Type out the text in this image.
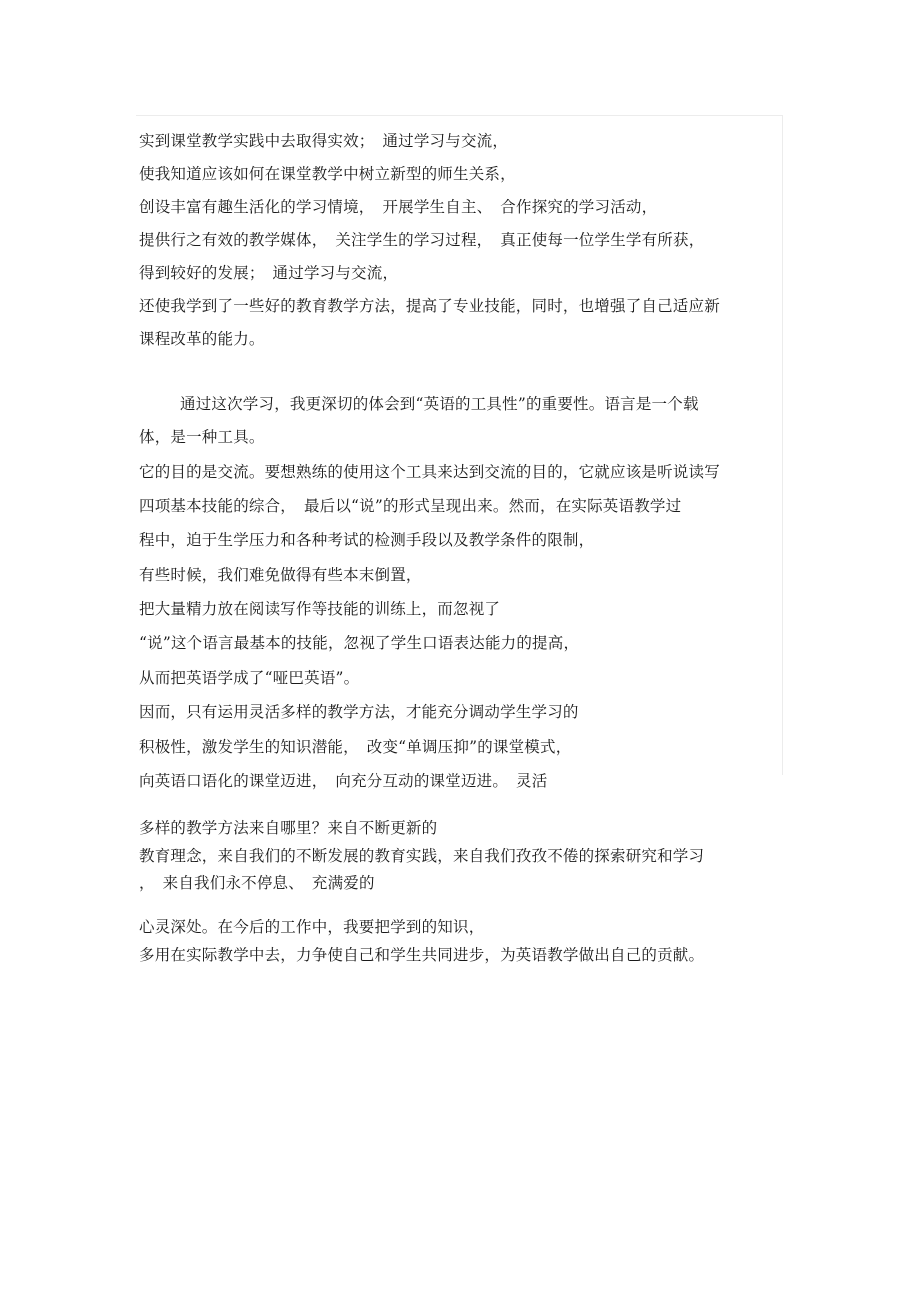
实到课堂教学实践中去取得实效；　通过学习与交流，
使我知道应该如何在课堂教学中树立新型的师生关系，
创设丰富有趣生活化的学习情境，　开展学生自主、　合作探究的学习活动，
提供行之有效的教学媒体，　关注学生的学习过程，　真正使每一位学生学有所获，
得到较好的发展；　通过学习与交流，
还使我学到了一些好的教育教学方法，提高了专业技能，同时，也增强了自己适应新
课程改革的能力。
通过这次学习，我更深切的体会到“英语的工具性”的重要性。语言是一个载
体，是一种工具。
它的目的是交流。要想熟练的使用这个工具来达到交流的目的，它就应该是听说读写
四项基本技能的综合，　最后以“说”的形式呈现出来。然而，在实际英语教学过
程中，迫于生学压力和各种考试的检测手段以及教学条件的限制，
有些时候，我们难免做得有些本末倒置，
把大量精力放在阅读写作等技能的训练上，而忽视了
“说”这个语言最基本的技能，忽视了学生口语表达能力的提高，
从而把英语学成了“哑巴英语”。
因而，只有运用灵活多样的教学方法，才能充分调动学生学习的
积极性，激发学生的知识潜能，　改变“单调压抑”的课堂模式，
向英语口语化的课堂迈进，　向充分互动的课堂迈进。　灵活
多样的教学方法来自哪里？来自不断更新的
教育理念，来自我们的不断发展的教育实践，来自我们孜孜不倦的探索研究和学习
，　来自我们永不停息、　充满爱的
心灵深处。在今后的工作中，我要把学到的知识，
多用在实际教学中去，力争使自己和学生共同进步，为英语教学做出自己的贡献。
